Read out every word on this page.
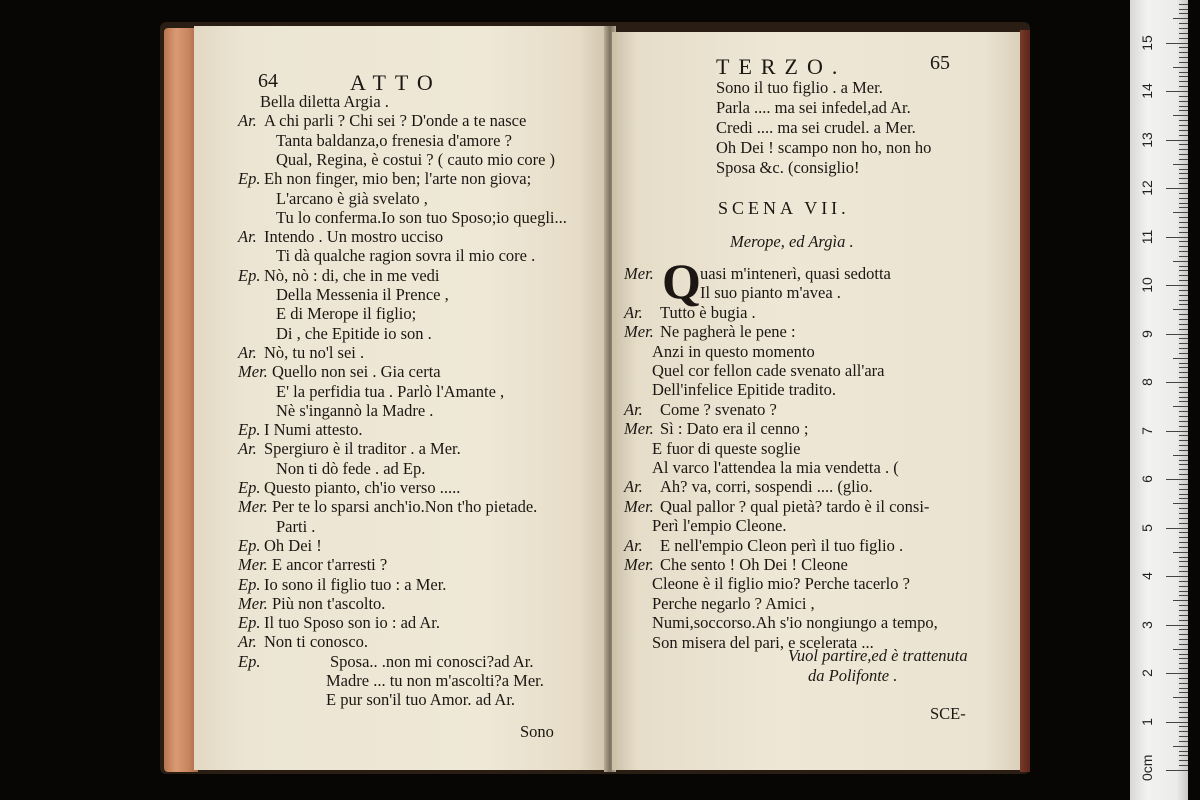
64	ATTO
Bella diletta Argia .
Ar. A chi parli ? Chi sei ? D'onde a te nasce
Tanta baldanza,o frenesia d'amore ?
Qual, Regina, è costui ? ( cauto mio core )
Ep. Eh non finger, mio ben; l'arte non giova;
L'arcano è già svelato ,
Tu lo conferma.Io son tuo Sposo;io quegli...
Ar. Intendo . Un mostro ucciso
Ti dà qualche ragion sovra il mio core .
Ep. Nò, nò : di, che in me vedi
Della Messenia il Prence ,
E di Merope il figlio;
Di , che Epitide io son .
Ar. Nò, tu no'l sei .
Mer. Quello non sei . Gia certa
E' la perfidia tua . Parlò l'Amante ,
Nè s'ingannò la Madre .
Ep. I Numi attesto.
Ar. Spergiuro è il traditor . a Mer.
Non ti dò fede . ad Ep.
Ep. Questo pianto, ch'io verso .....
Mer. Per te lo sparsi anch'io.Non t'ho pietade.
Parti .
Ep. Oh Dei !
Mer. E ancor t'arresti ?
Ep. Io sono il figlio tuo : a Mer.
Mer. Più non t'ascolto.
Ep. Il tuo Sposo son io : ad Ar.
Ar. Non ti conosco.
Ep.	Sposa.. .non mi conosci?ad Ar.
Madre ... tu non m'ascolti?a Mer.
E pur son'il tuo Amor. ad Ar.
Sono
TERZO.	65
Sono il tuo figlio . a Mer.
Parla .... ma sei infedel,ad Ar.
Credi .... ma sei crudel. a Mer.
Oh Dei ! scampo non ho, non ho
Sposa &c. (consiglio!
SCENA VII.
Merope, ed Argìa .
Q
Mer.	uasi m'intenerì, quasi sedotta
Il suo pianto m'avea .
Ar. Tutto è bugia .
Mer. Ne pagherà le pene :
Anzi in questo momento
Quel cor fellon cade svenato all'ara
Dell'infelice Epitide tradito.
Ar. Come ? svenato ?
Mer. Sì : Dato era il cenno ;
E fuor di queste soglie
Al varco l'attendea la mia vendetta . (
Ar. Ah? va, corri, sospendi .... (glio.
Mer. Qual pallor ? qual pietà? tardo è il consi-
Perì l'empio Cleone.
Ar. E nell'empio Cleon perì il tuo figlio .
Mer. Che sento ! Oh Dei ! Cleone
Cleone è il figlio mio? Perche tacerlo ?
Perche negarlo ? Amici ,
Numi,soccorso.Ah s'io nongiungo a tempo,
Son misera del pari, e scelerata ...
Vuol partire,ed è trattenuta
da Polifonte .
SCE-
15
14
13
12
11
10
9
8
7
6
5
4
3
2
1
0cm
